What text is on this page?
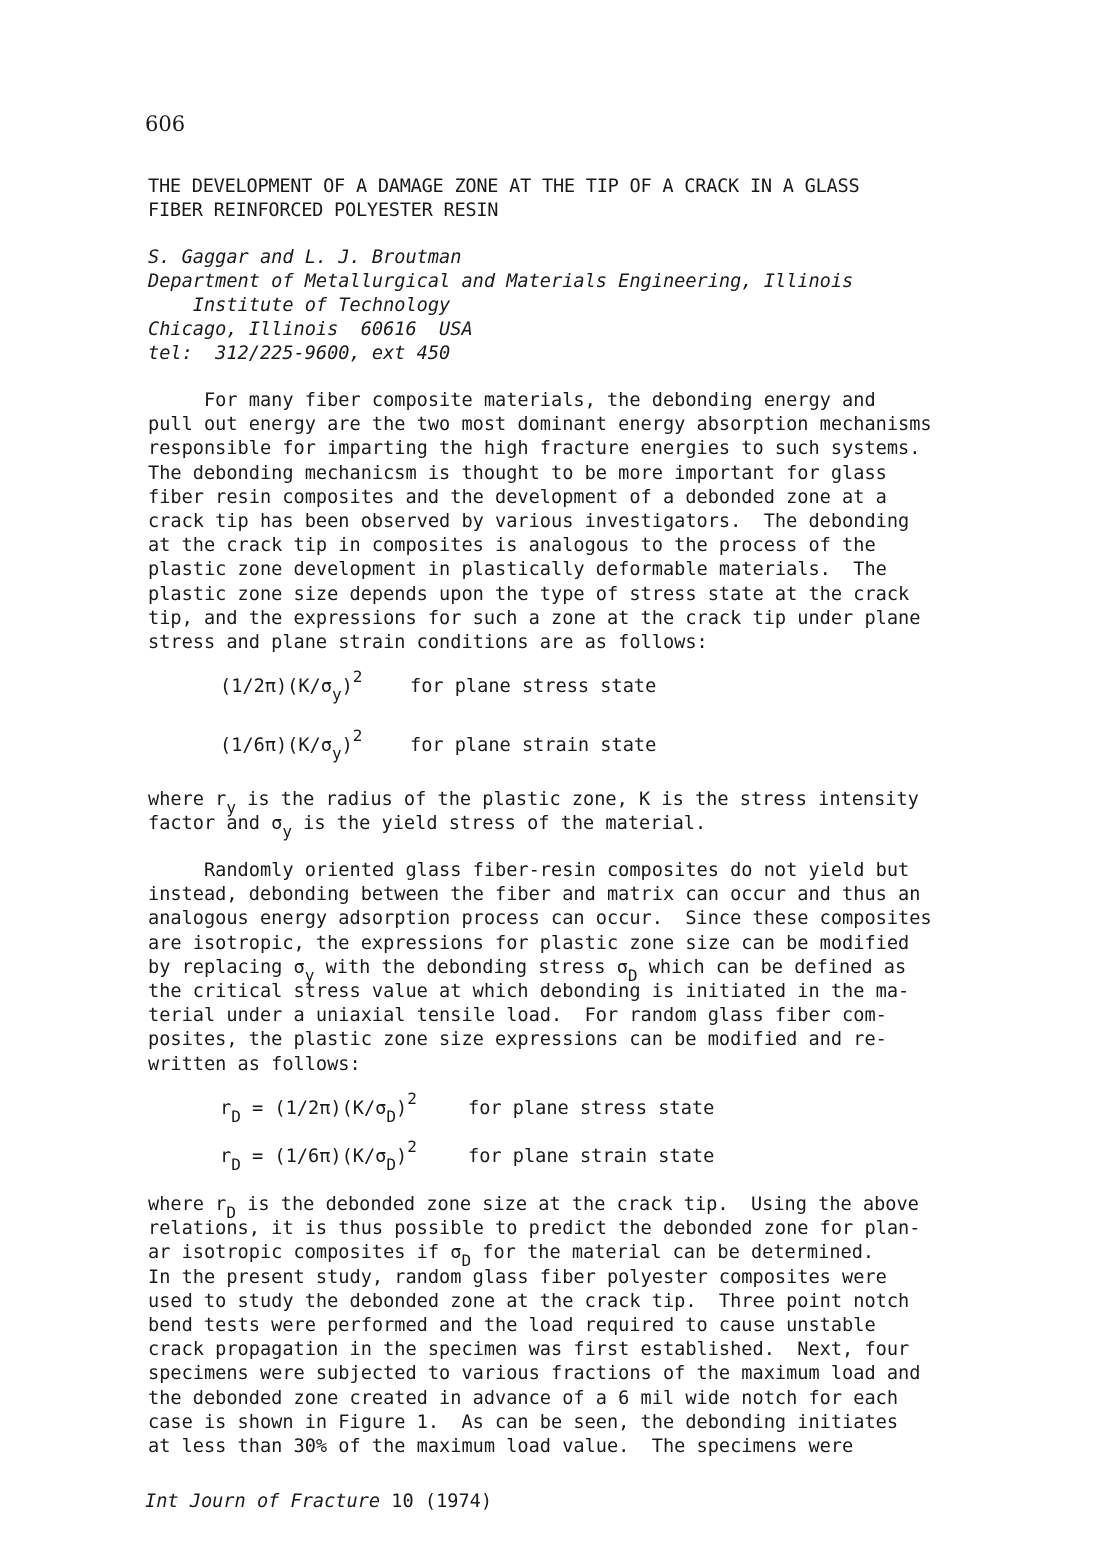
606
THE DEVELOPMENT OF A DAMAGE ZONE AT THE TIP OF A CRACK IN A GLASS
FIBER REINFORCED POLYESTER RESIN
S. Gaggar and L. J. Broutman
Department of Metallurgical and Materials Engineering, Illinois
Institute of Technology
Chicago, Illinois  60616  USA
tel:  312/225-9600, ext 450
For many fiber composite materials, the debonding energy and
pull out energy are the two most dominant energy absorption mechanisms
responsible for imparting the high fracture energies to such systems.
The debonding mechanicsm is thought to be more important for glass
fiber resin composites and the development of a debonded zone at a
crack tip has been observed by various investigators.  The debonding
at the crack tip in composites is analogous to the process of the
plastic zone development in plastically deformable materials.  The
plastic zone size depends upon the type of stress state at the crack
tip, and the expressions for such a zone at the crack tip under plane
stress and plane strain conditions are as follows:
$(1/2\pi)(K/\sigma_y)^2$	for plane stress state
$(1/6\pi)(K/\sigma_y)^2$	for plane strain state
where $r_y$ is the radius of the plastic zone, K is the stress intensity
factor and $\sigma_y$ is the yield stress of the material.
Randomly oriented glass fiber-resin composites do not yield but
instead, debonding between the fiber and matrix can occur and thus an
analogous energy adsorption process can occur.  Since these composites
are isotropic, the expressions for plastic zone size can be modified
by replacing $\sigma_y$ with the debonding stress $\sigma_D$ which can be defined as
the critical stress value at which debonding is initiated in the ma-
terial under a uniaxial tensile load.  For random glass fiber com-
posites, the plastic zone size expressions can be modified and re-
written as follows:
$r_D = (1/2\pi)(K/\sigma_D)^2$	for plane stress state
$r_D = (1/6\pi)(K/\sigma_D)^2$	for plane strain state
where $r_D$ is the debonded zone size at the crack tip.  Using the above
relations, it is thus possible to predict the debonded zone for plan-
ar isotropic composites if $\sigma_D$ for the material can be determined.
In the present study, random glass fiber polyester composites were
used to study the debonded zone at the crack tip.  Three point notch
bend tests were performed and the load required to cause unstable
crack propagation in the specimen was first established.  Next, four
specimens were subjected to various fractions of the maximum load and
the debonded zone created in advance of a 6 mil wide notch for each
case is shown in Figure 1.  As can be seen, the debonding initiates
at less than 30% of the maximum load value.  The specimens were
Int Journ of Fracture 10 (1974)
